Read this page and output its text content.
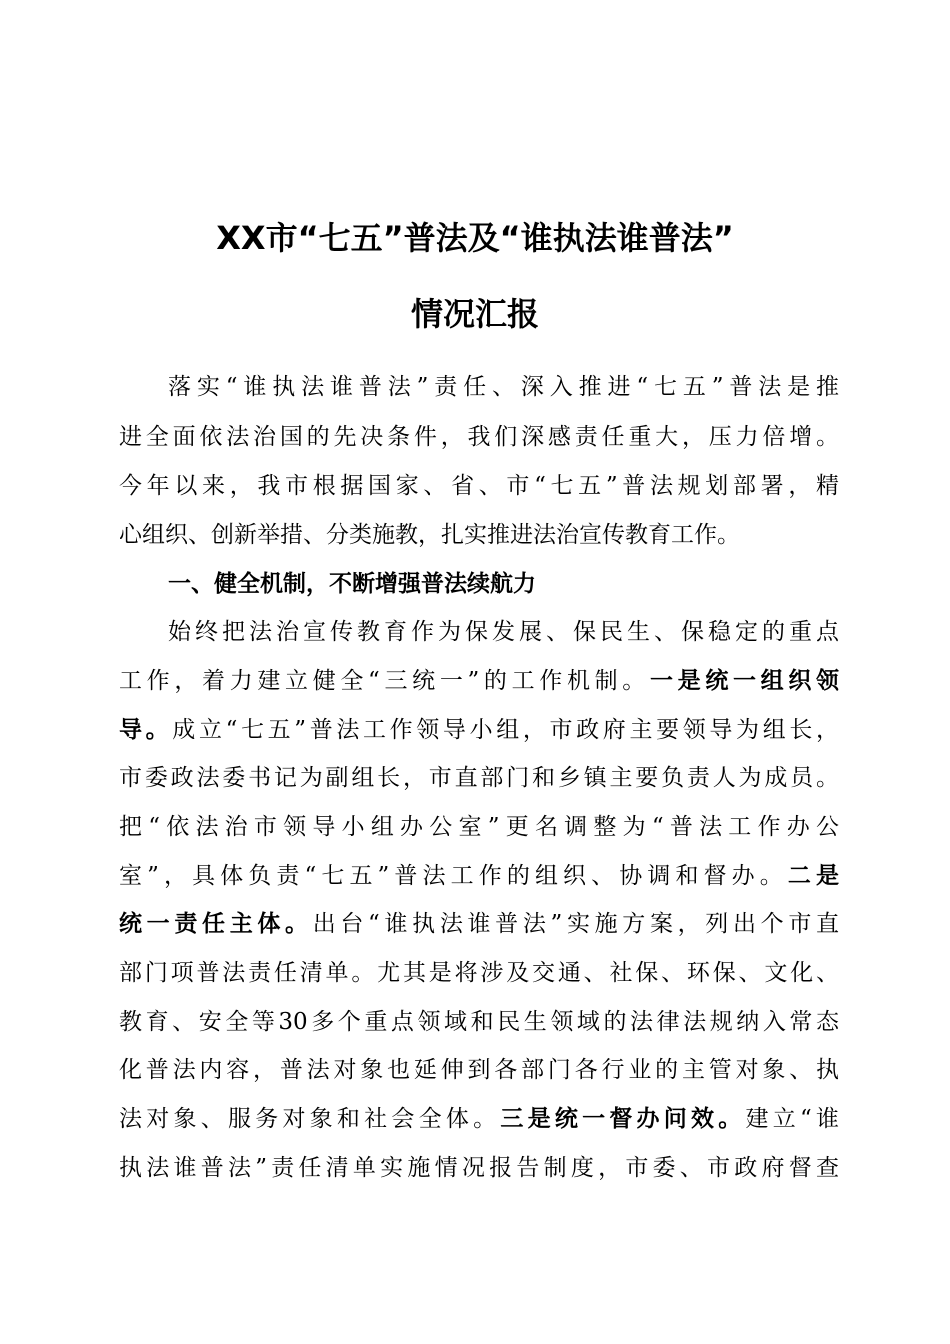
XX市“七五”普法及“谁执法谁普法”
情况汇报
落实“谁执法谁普法”责任、深入推进“七五”普法是推
进全面依法治国的先决条件，我们深感责任重大，压力倍增。
今年以来，我市根据国家、省、市“七五”普法规划部署，精
心组织、创新举措、分类施教，扎实推进法治宣传教育工作。
一、健全机制，不断增强普法续航力
始终把法治宣传教育作为保发展、保民生、保稳定的重点
工作，着力建立健全“三统一”的工作机制。一是统一组织领
导。成立“七五”普法工作领导小组，市政府主要领导为组长，
市委政法委书记为副组长，市直部门和乡镇主要负责人为成员。
把“依法治市领导小组办公室”更名调整为“普法工作办公
室”，具体负责“七五”普法工作的组织、协调和督办。二是
统一责任主体。出台“谁执法谁普法”实施方案，列出个市直
部门项普法责任清单。尤其是将涉及交通、社保、环保、文化、
教育、安全等30多个重点领域和民生领域的法律法规纳入常态
化普法内容，普法对象也延伸到各部门各行业的主管对象、执
法对象、服务对象和社会全体。三是统一督办问效。建立“谁
执法谁普法”责任清单实施情况报告制度，市委、市政府督查
